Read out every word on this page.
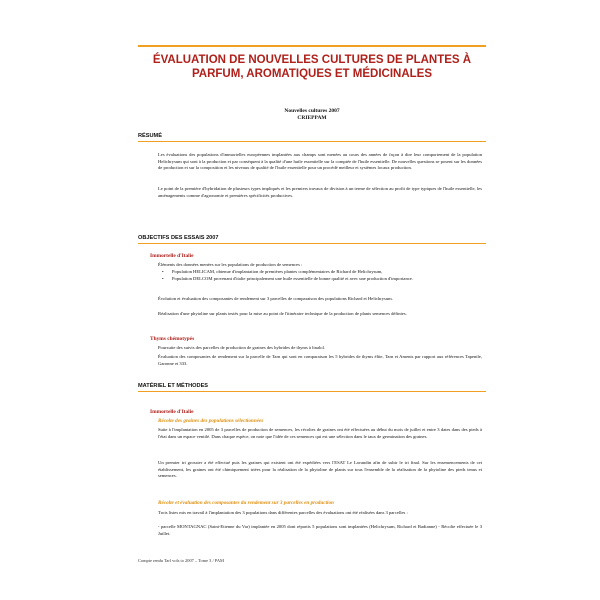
ÉVALUATION DE NOUVELLES CULTURES DE PLANTES À PARFUM, AROMATIQUES ET MÉDICINALES
Nouvelles cultures 2007
CRIEPPAM
RÉSUMÉ

Les évaluations des populations d'immortelles européennes implantées aux champs sont menées au cours des années de façon à dire leur comportement de la population Helichrysum qui sont à la production et par conséquent à la qualité d'une huile essentielle sur la comptée de l'huile essentielle. De nouvelles questions se posent sur les données de production et sur la composition et les niveaux de qualité de l'huile essentielle pour un procédé meilleur et systèmes locaux production.

Le point de la première d'hybridation de plusieurs types impliqués et les premiers travaux de division à un terme de sélection au profit de type typiques de l'huile essentielle, les aménagements comme d'agronomie et premières spécificités productives.

OBJECTIFS DES ESSAIS 2007
Immortelle d'Italie

Éléments des données menées sur les populations de production de semences :

• Population HELICAM, obtenue d'implantation de premières plantes complémentaires de Richard de Helichrysum,
• Population DELCOM provenant d'italie principalement une huile essentielle de bonne qualité et avec une production d'importance.

Évolution et évaluation des composantes de rendement sur 3 parcelles de comparaison des populations Richard et Helichrysum.

Réalisation d'une phytoline sur plants testés pour la mise au point de l'itinéraire technique de la production de plants semences définies.

Thyms chémotypés

Poursuite des suivis des parcelles de production de graines des hybrides de thyms à linalol.

Évaluation des composantes de rendement sur la parcelle de Tarn qui sont en comparaison les 5 hybrides de thyms élite, Tarn et Amenis par rapport aux références Tapenile, Garonne et 333.

MATÉRIEL ET MÉTHODES
Immortelle d'Italie
Récolte des graines des populations sélectionnées

Suite à l'implantation en 2005 de 3 parcelles de production de semences, les récoltes de graines ont été effectuées au début du mois de juillet et entre 3 dates dans des pieds à l'état dans un espace ventilé. Dans chaque espèce, on note que l'idée de ces semences qui est une sélection dans le taux de germination des graines.

Un premier tri grossier a été effectué puis les graines qui existent ont été expédiées vers l'ESAT Le Lavandin afin de subir le tri final. Sur les ensemencements de cet établissement, les graines ont été chimiquement triées pour la réalisation de la phytoline de plants sur tous l'ensemble de la réalisation de la phytoline des pieds tenus et semences.

Récolte et évaluation des composantes du rendement sur 3 parcelles en production

Trois listes mis en travail à l'implantation des 3 populations dans différentes parcelles des évaluations ont été réalisées dans 3 parcelles :

- parcelle MONTAGNAC (Saint-Etienne du Var) implantée en 2005 dont répartis 5 populations sont implantées (Helichrysum, Richard et Badianne) - Récolte effectuée le 3 Juillet.

Compte rendu Tarl vols to 2007 – Tome 3 / PAM
